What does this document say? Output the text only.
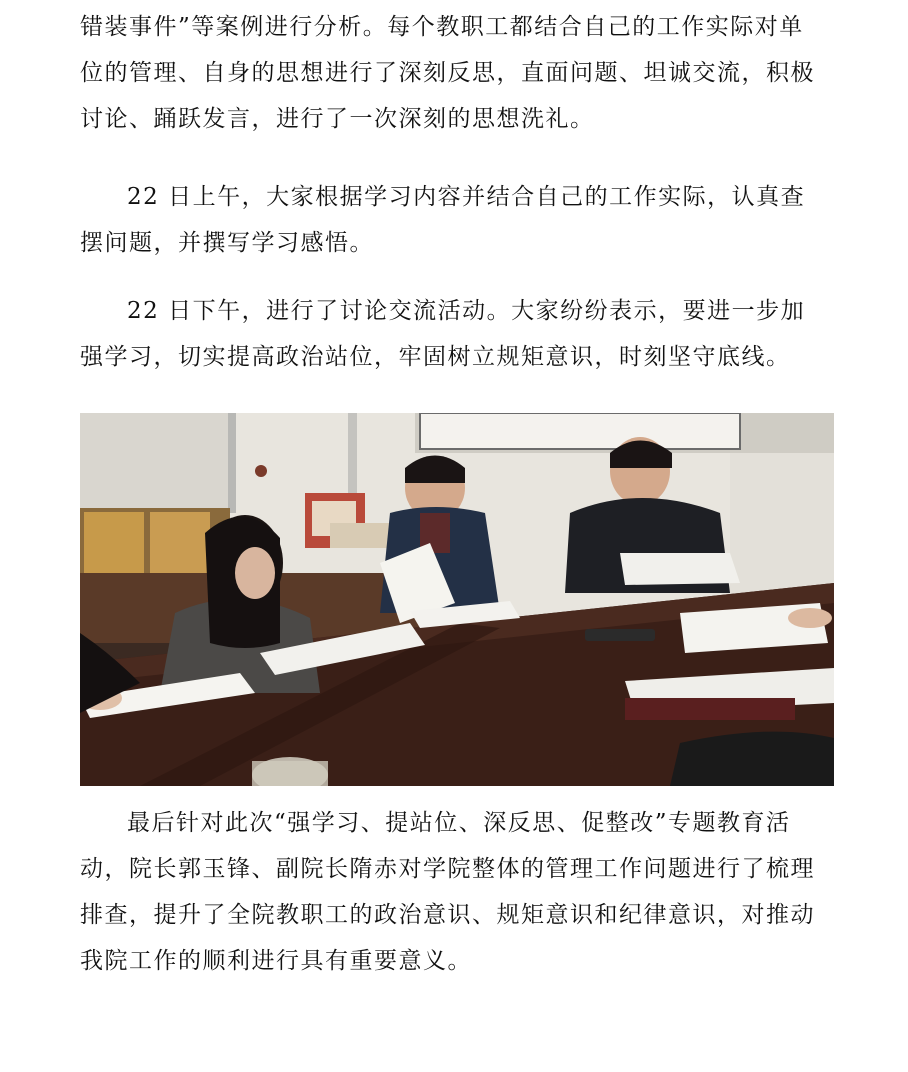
错装事件”等案例进行分析。每个教职工都结合自己的工作实际对单
位的管理、自身的思想进行了深刻反思，直面问题、坦诚交流，积极
讨论、踊跃发言，进行了一次深刻的思想洗礼。
22 日上午，大家根据学习内容并结合自己的工作实际，认真查
摆问题，并撰写学习感悟。
22 日下午，进行了讨论交流活动。大家纷纷表示，要进一步加
强学习，切实提高政治站位，牢固树立规矩意识，时刻坚守底线。
最后针对此次“强学习、提站位、深反思、促整改”专题教育活
动，院长郭玉锋、副院长隋赤对学院整体的管理工作问题进行了梳理
排查，提升了全院教职工的政治意识、规矩意识和纪律意识，对推动
我院工作的顺利进行具有重要意义。
